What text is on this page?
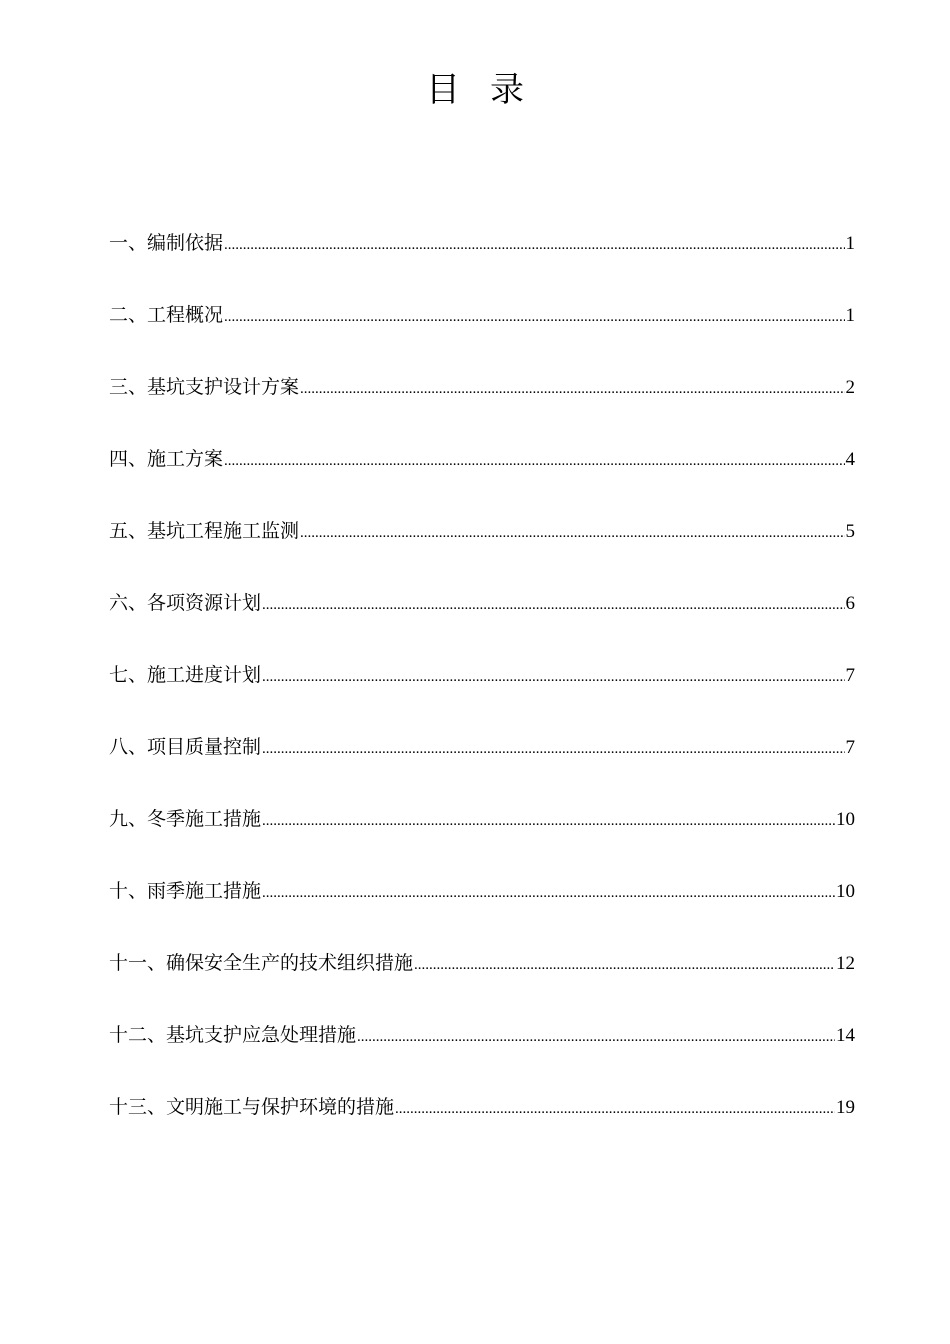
目 录
一、编制依据 .....	1
二、工程概况 .....	1
三、基坑支护设计方案 .....	2
四、施工方案 .....	4
五、基坑工程施工监测 .....	5
六、各项资源计划 .....	6
七、施工进度计划 .....	7
八、项目质量控制 .....	7
九、冬季施工措施 .....	10
十、雨季施工措施 .....	10
十一、确保安全生产的技术组织措施 .....	12
十二、基坑支护应急处理措施 .....	14
十三、文明施工与保护环境的措施 .....	19
